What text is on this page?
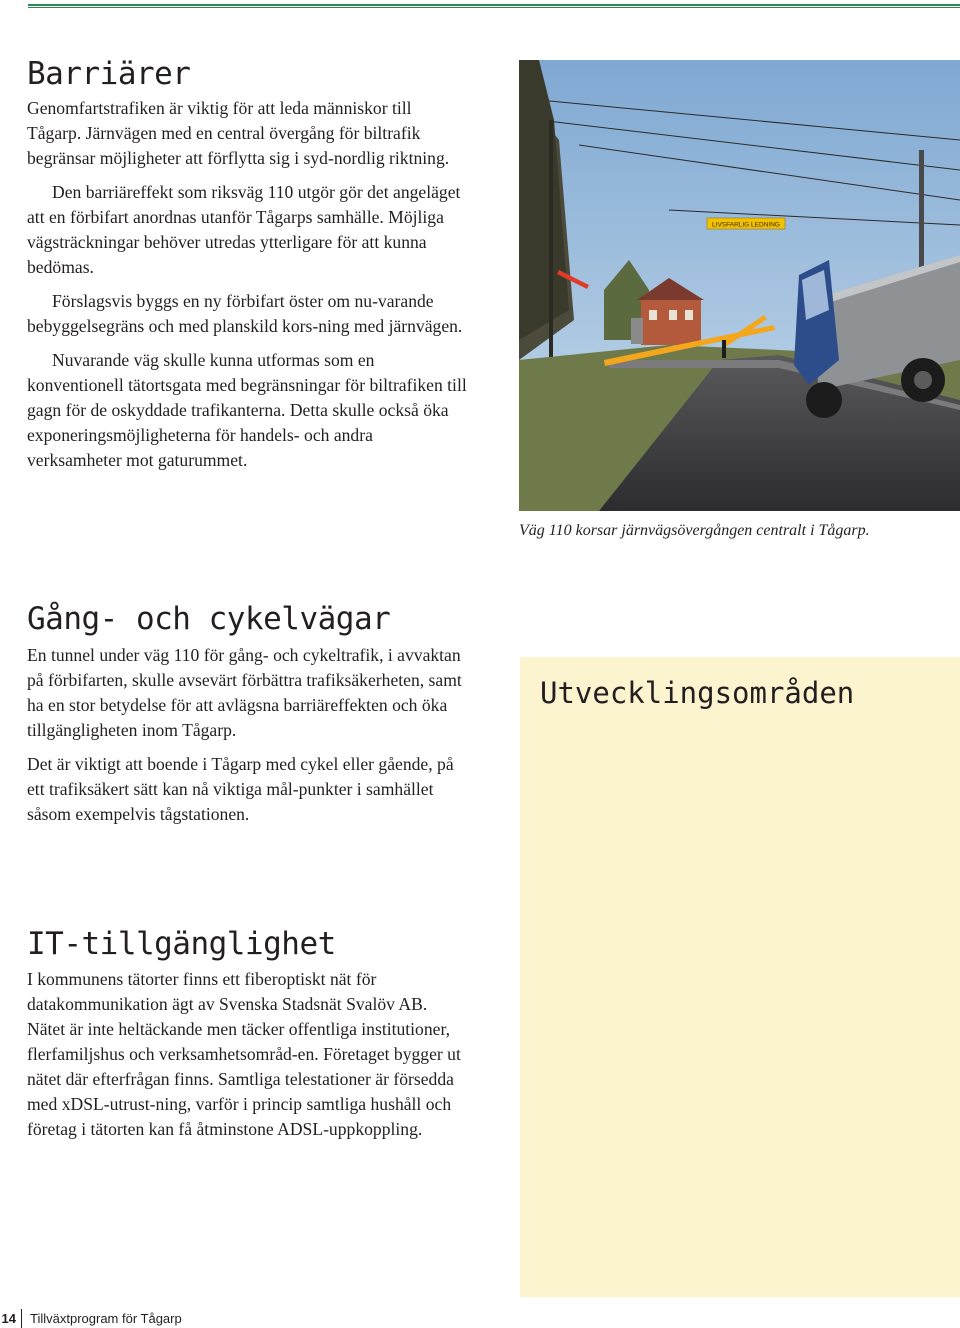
Barriärer

Genomfartstrafiken är viktig för att leda människor till Tågarp. Järnvägen med en central övergång för biltrafik begränsar möjligheter att förflytta sig i syd-nordlig riktning.

Den barriäreffekt som riksväg 110 utgör gör det angeläget att en förbifart anordnas utanför Tågarps samhälle. Möjliga vägsträckningar behöver utredas ytterligare för att kunna bedömas.

Förslagsvis byggs en ny förbifart öster om nu-varande bebyggelsegräns och med planskild kors-ning med järnvägen.

Nuvarande väg skulle kunna utformas som en konventionell tätortsgata med begränsningar för biltrafiken till gagn för de oskyddade trafikanterna. Detta skulle också öka exponeringsmöjligheterna för handels- och andra verksamheter mot gaturummet.

LIVSFARLIG LEDNING
Väg 110 korsar järnvägsövergången centralt i Tågarp.
Gång- och cykelvägar

En tunnel under väg 110 för gång- och cykeltrafik, i avvaktan på förbifarten, skulle avsevärt förbättra trafiksäkerheten, samt ha en stor betydelse för att avlägsna barriäreffekten och öka tillgängligheten inom Tågarp.

Det är viktigt att boende i Tågarp med cykel eller gående, på ett trafiksäkert sätt kan nå viktiga mål-punkter i samhället såsom exempelvis tågstationen.

Utvecklingsområden
IT-tillgänglighet

I kommunens tätorter finns ett fiberoptiskt nät för datakommunikation ägt av Svenska Stadsnät Svalöv AB. Nätet är inte heltäckande men täcker offentliga institutioner, flerfamiljshus och verksamhetsområd-en. Företaget bygger ut nätet där efterfrågan finns. Samtliga telestationer är försedda med xDSL-utrust-ning, varför i princip samtliga hushåll och företag i tätorten kan få åtminstone ADSL-uppkoppling.

14	Tillväxtprogram för Tågarp
